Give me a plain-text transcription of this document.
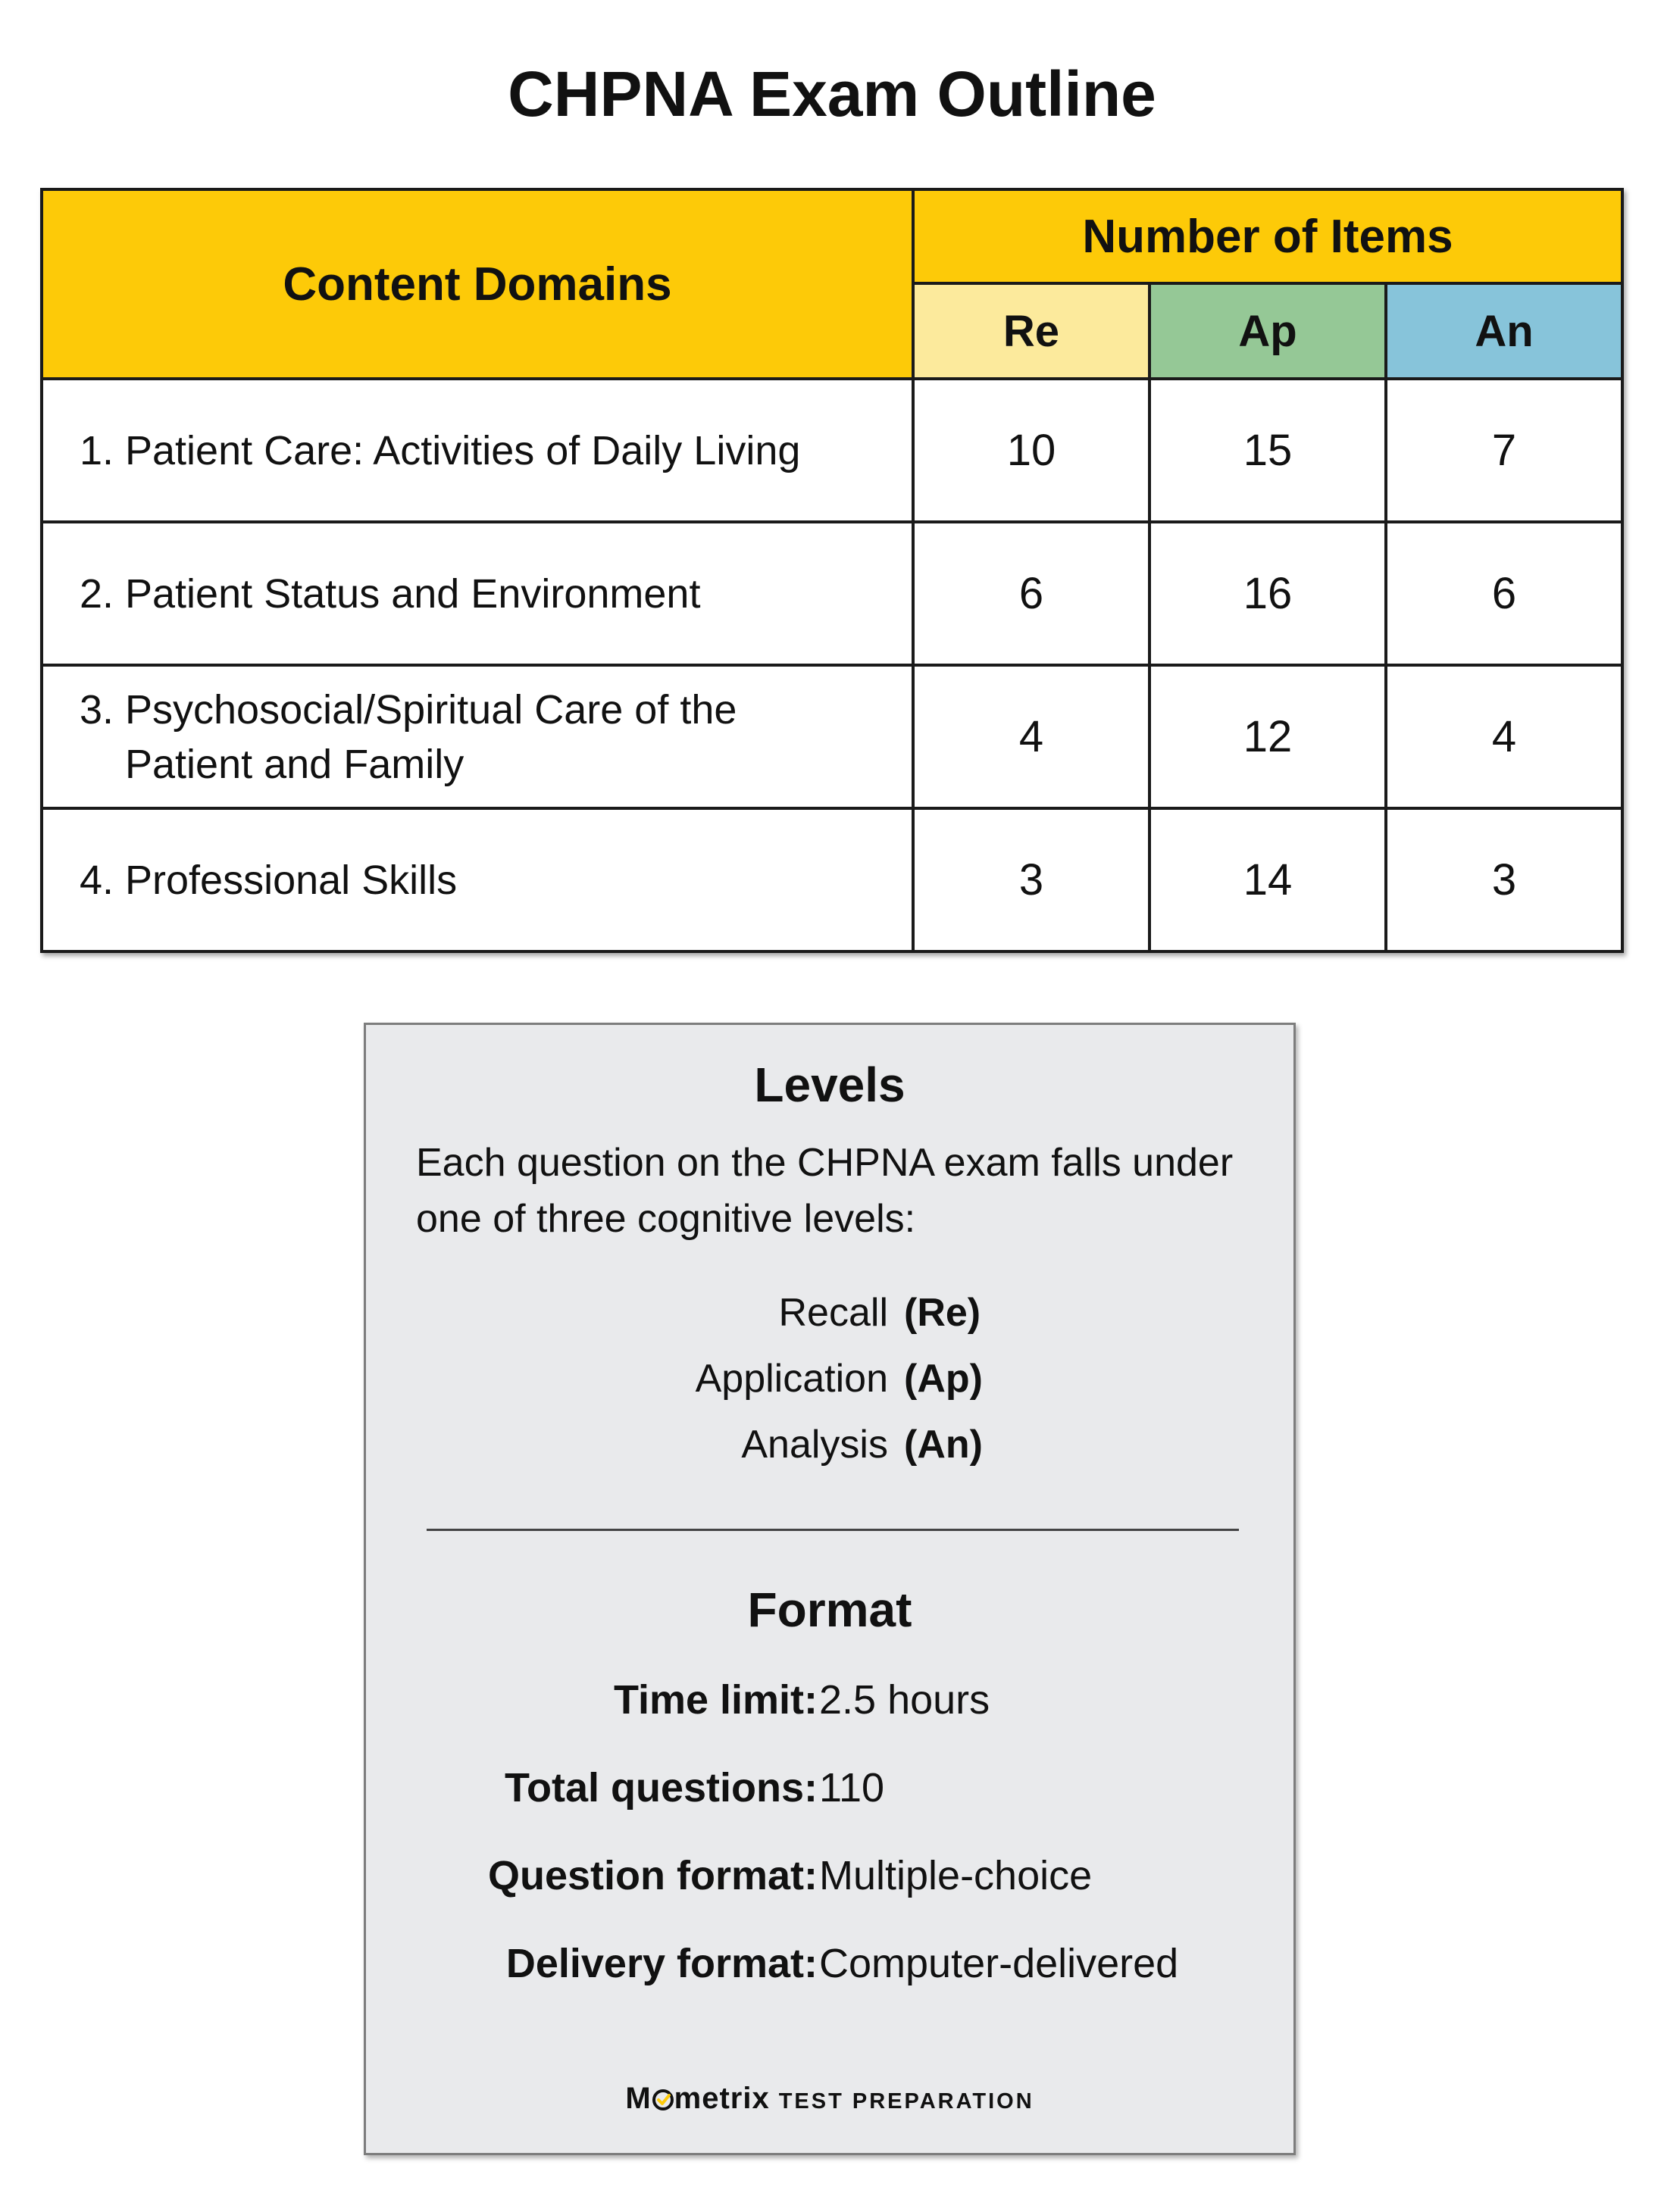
CHPNA Exam Outline
Content Domains	Number of Items		
	Re	Ap	An
1. Patient Care: Activities of Daily Living	10	15	7
2. Patient Status and Environment	6	16	6
3. Psychosocial/Spiritual Care of the
Patient and Family	4	12	4
4. Professional Skills	3	14	3
Levels

Each question on the CHPNA exam falls under one of three cognitive levels:

Recall (Re)
Application (Ap)
Analysis (An)
Format
Time limit: 2.5 hours
Total questions: 110
Question format: Multiple-choice
Delivery format: Computer-delivered
M metrix TEST PREPARATION
